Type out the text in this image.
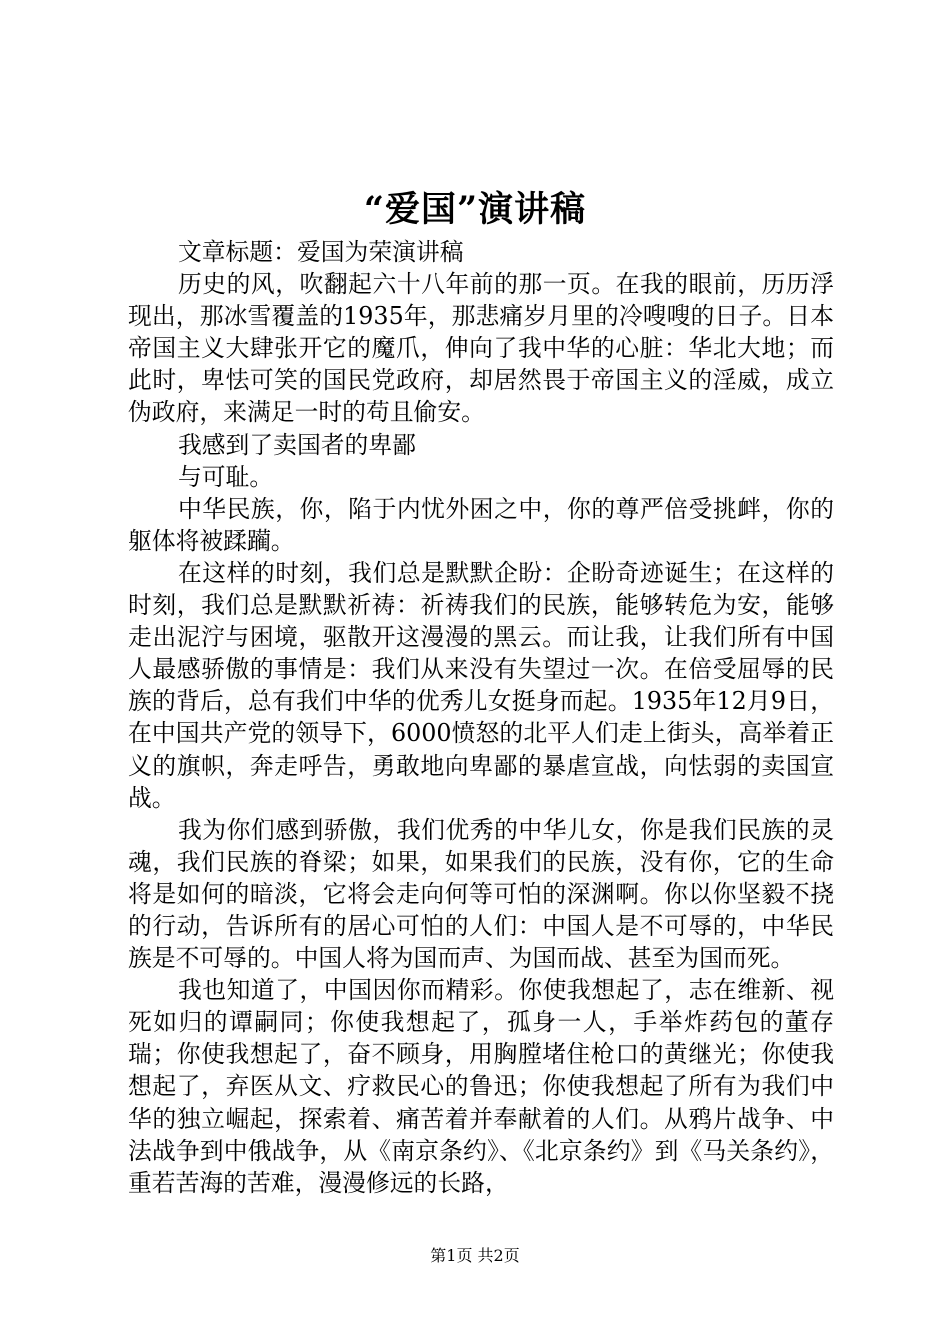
“爱国”演讲稿

文章标题：爱国为荣演讲稿

历史的风，吹翻起六十八年前的那一页。在我的眼前，历历浮现出，那冰雪覆盖的1935年，那悲痛岁月里的冷嗖嗖的日子。日本帝国主义大肆张开它的魔爪，伸向了我中华的心脏：华北大地；而此时，卑怯可笑的国民党政府，却居然畏于帝国主义的淫威，成立伪政府，来满足一时的苟且偷安。

我感到了卖国者的卑鄙

与可耻。

中华民族，你，陷于内忧外困之中，你的尊严倍受挑衅，你的躯体将被蹂躏。

在这样的时刻，我们总是默默企盼：企盼奇迹诞生；在这样的时刻，我们总是默默祈祷：祈祷我们的民族，能够转危为安，能够走出泥泞与困境，驱散开这漫漫的黑云。而让我，让我们所有中国人最感骄傲的事情是：我们从来没有失望过一次。在倍受屈辱的民族的背后，总有我们中华的优秀儿女挺身而起。1935年12月9日，在中国共产党的领导下，6000愤怒的北平人们走上街头，高举着正义的旗帜，奔走呼告，勇敢地向卑鄙的暴虐宣战，向怯弱的卖国宣战。

我为你们感到骄傲，我们优秀的中华儿女，你是我们民族的灵魂，我们民族的脊梁；如果，如果我们的民族，没有你，它的生命将是如何的暗淡，它将会走向何等可怕的深渊啊。你以你坚毅不挠的行动，告诉所有的居心可怕的人们：中国人是不可辱的，中华民族是不可辱的。中国人将为国而声、为国而战、甚至为国而死。

我也知道了，中国因你而精彩。你使我想起了，志在维新、视死如归的谭嗣同；你使我想起了，孤身一人，手举炸药包的董存瑞；你使我想起了，奋不顾身，用胸膛堵住枪口的黄继光；你使我想起了，弃医从文、疗救民心的鲁迅；你使我想起了所有为我们中华的独立崛起，探索着、痛苦着并奉献着的人们。从鸦片战争、中法战争到中俄战争，从《南京条约》、《北京条约》到《马关条约》，重若苦海的苦难，漫漫修远的长路，

第1页 共2页
